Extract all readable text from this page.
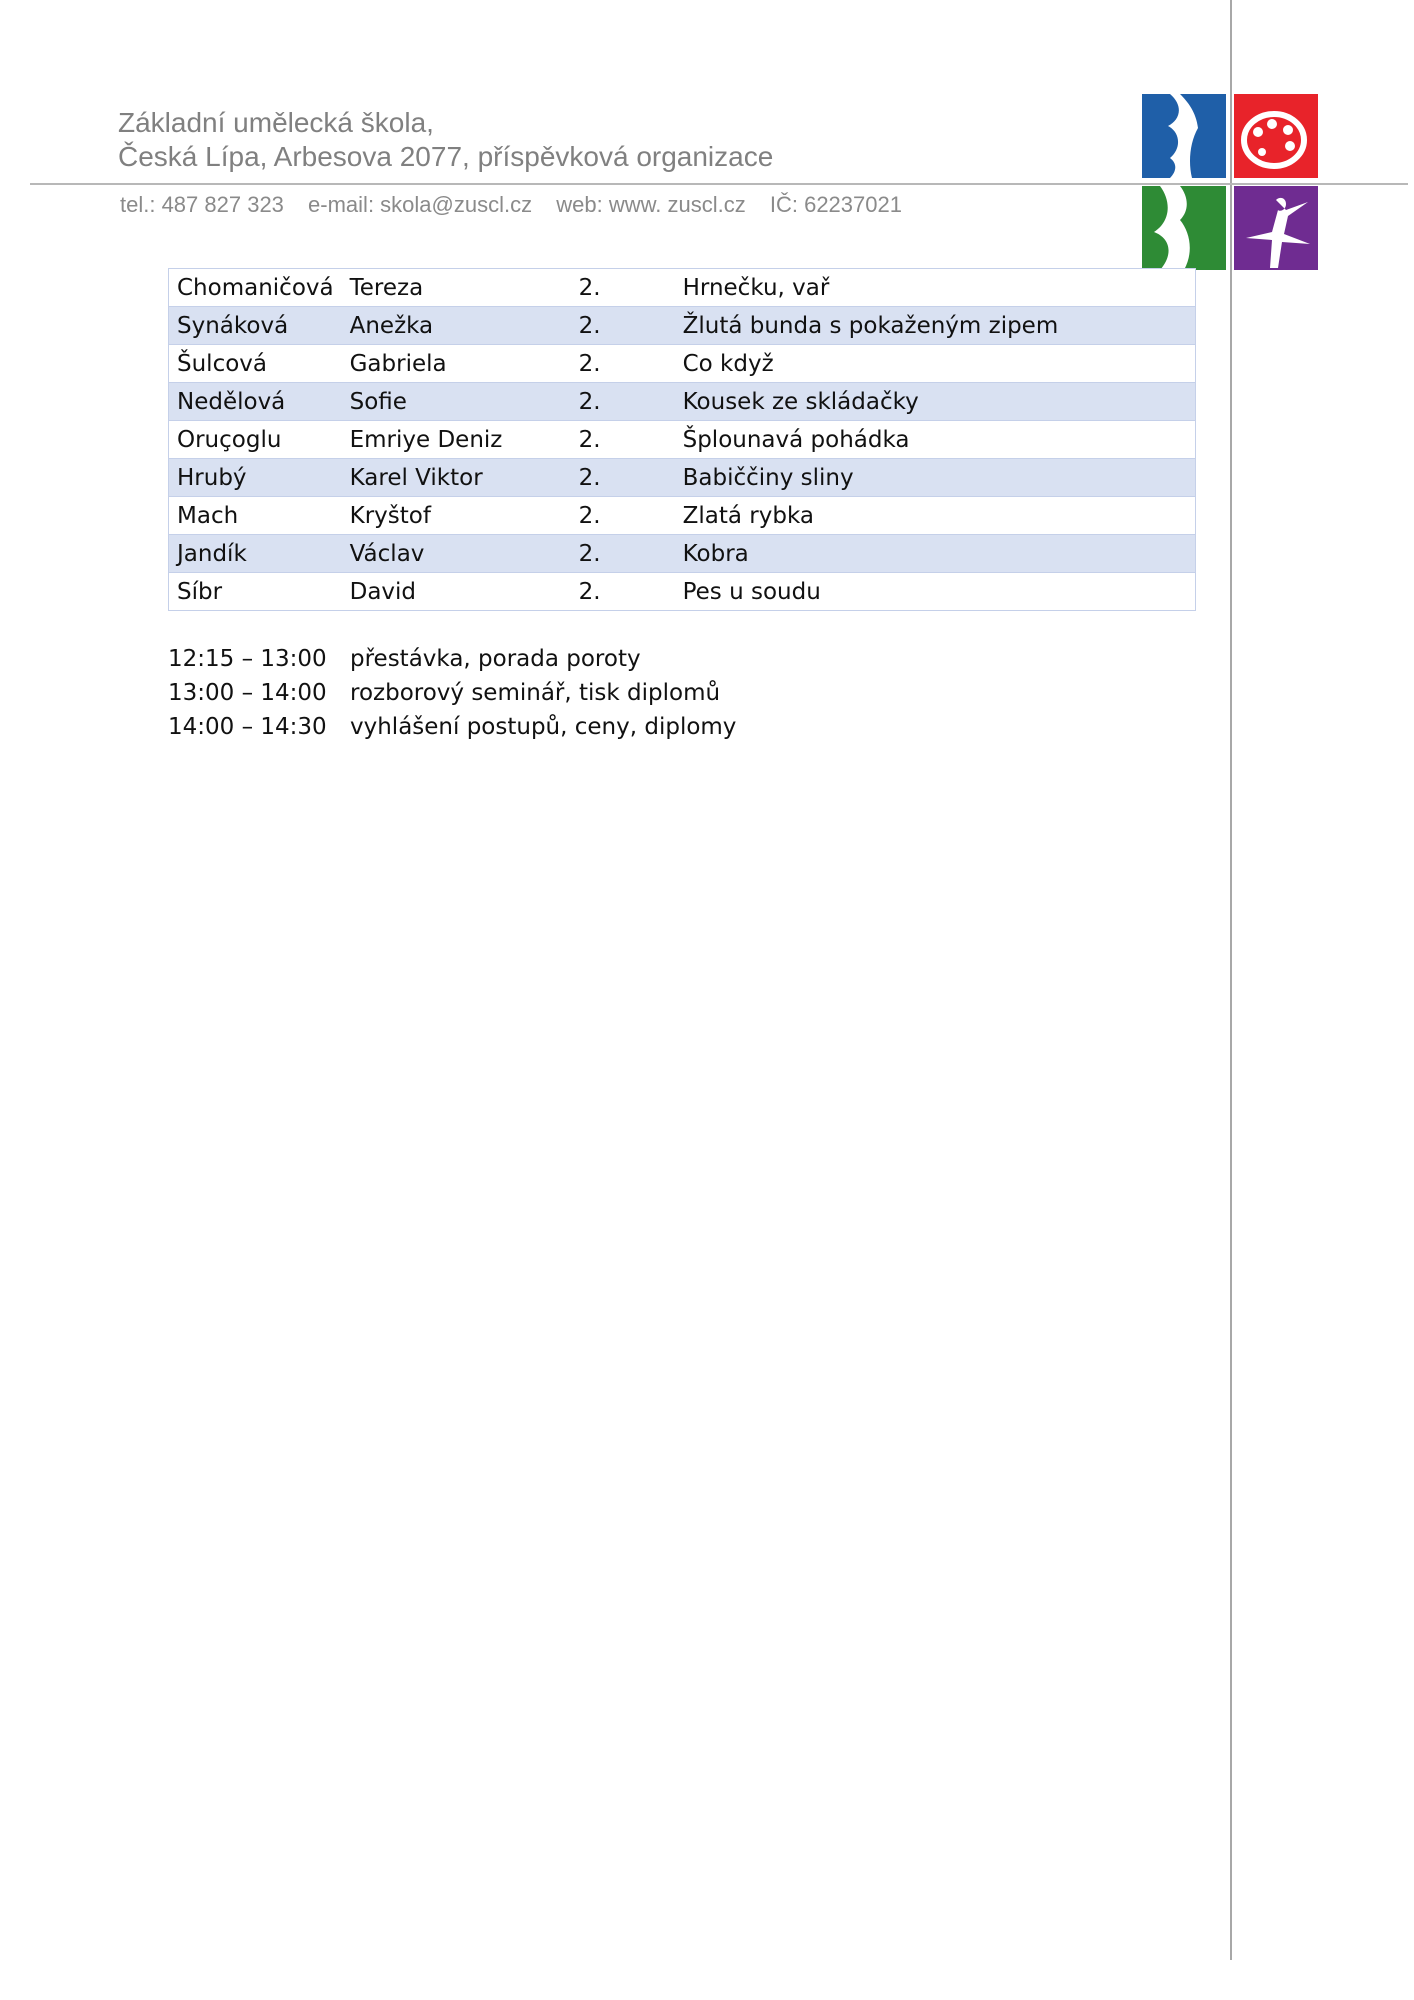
Základní umělecká škola,
Česká Lípa, Arbesova 2077, příspěvková organizace
tel.: 487 827 323 e-mail: skola@zuscl.cz web: www. zuscl.cz IČ: 62237021
Chomaničová	Tereza	2.	Hrnečku, vař
Synáková	Anežka	2.	Žlutá bunda s pokaženým zipem
Šulcová	Gabriela	2.	Co když
Nedělová	Sofie	2.	Kousek ze skládačky
Oruçoglu	Emriye Deniz	2.	Šplounavá pohádka
Hrubý	Karel Viktor	2.	Babiččiny sliny
Mach	Kryštof	2.	Zlatá rybka
Jandík	Václav	2.	Kobra
Síbr	David	2.	Pes u soudu
12:15 – 13:00 přestávka, porada poroty
13:00 – 14:00 rozborový seminář, tisk diplomů
14:00 – 14:30 vyhlášení postupů, ceny, diplomy
